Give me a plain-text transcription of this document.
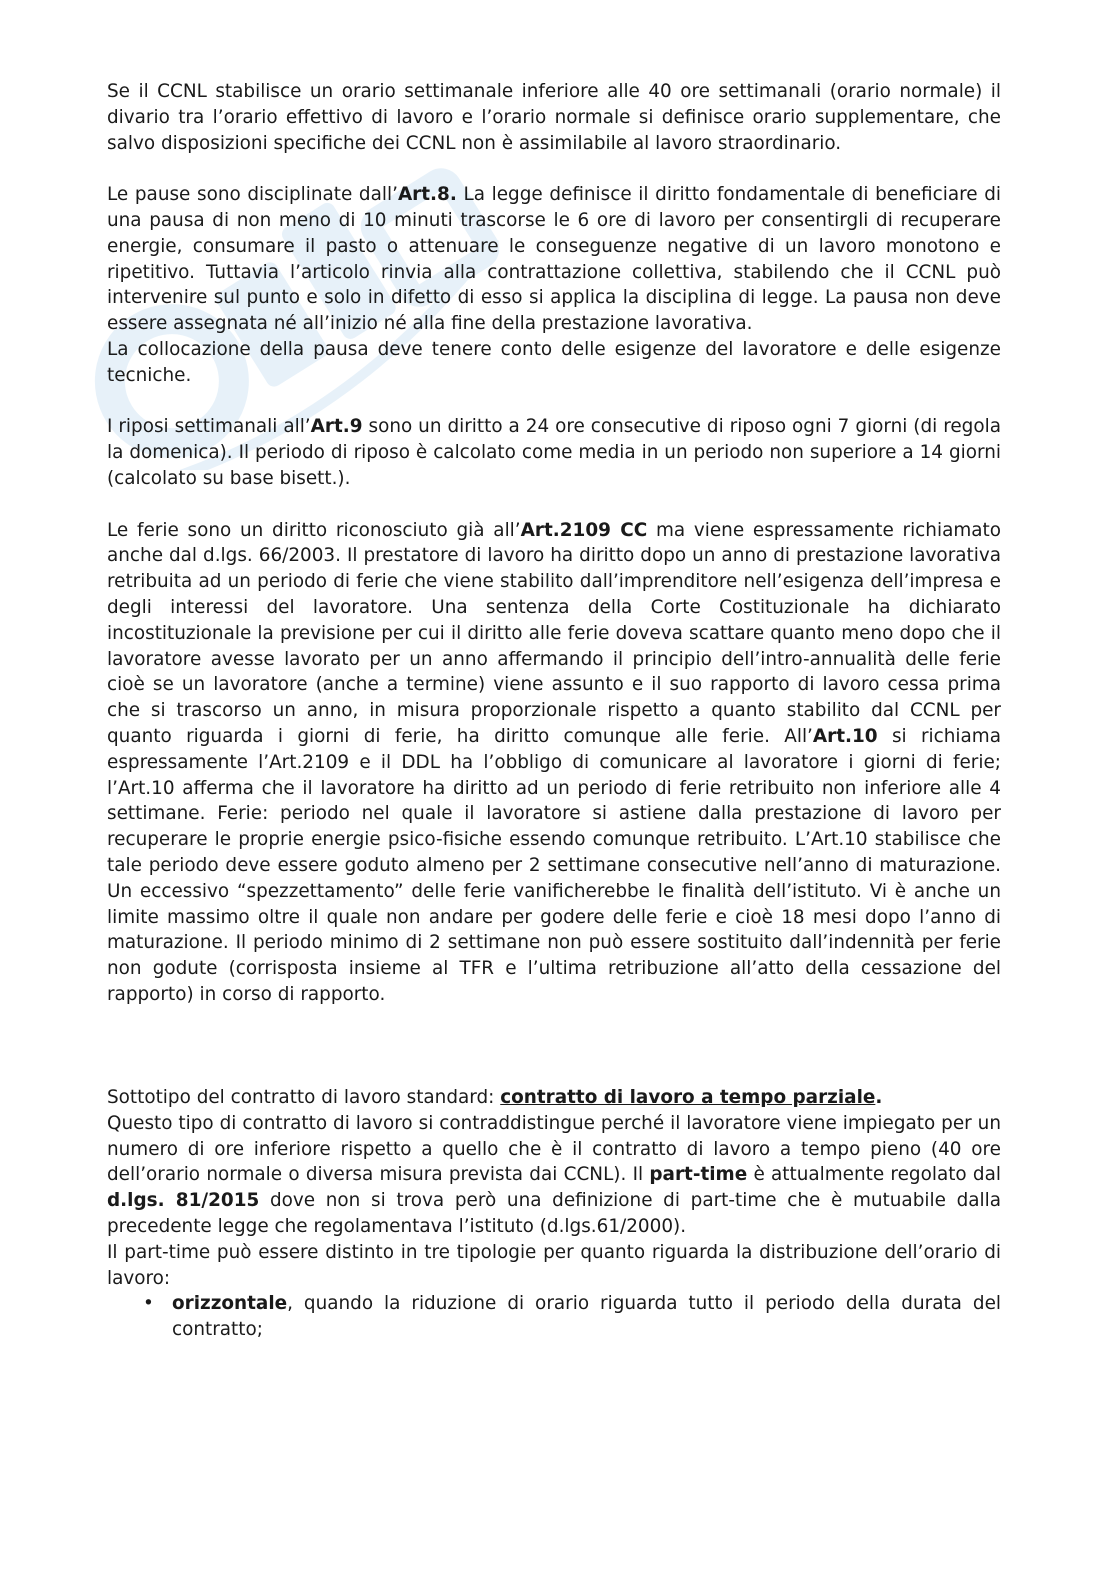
Se il CCNL stabilisce un orario settimanale inferiore alle 40 ore settimanali (orario normale) il divario tra l’orario effettivo di lavoro e l’orario normale si definisce orario supplementare, che salvo disposizioni specifiche dei CCNL non è assimilabile al lavoro straordinario.

Le pause sono disciplinate dall’Art.8. La legge definisce il diritto fondamentale di beneficiare di una pausa di non meno di 10 minuti trascorse le 6 ore di lavoro per consentirgli di recuperare energie, consumare il pasto o attenuare le conseguenze negative di un lavoro monotono e ripetitivo. Tuttavia l’articolo rinvia alla contrattazione collettiva, stabilendo che il CCNL può intervenire sul punto e solo in difetto di esso si applica la disciplina di legge. La pausa non deve essere assegnata né all’inizio né alla fine della prestazione lavorativa.

La collocazione della pausa deve tenere conto delle esigenze del lavoratore e delle esigenze tecniche.

I riposi settimanali all’Art.9 sono un diritto a 24 ore consecutive di riposo ogni 7 giorni (di regola la domenica). Il periodo di riposo è calcolato come media in un periodo non superiore a 14 giorni (calcolato su base bisett.).

Le ferie sono un diritto riconosciuto già all’Art.2109 CC ma viene espressamente richiamato anche dal d.lgs. 66/2003. Il prestatore di lavoro ha diritto dopo un anno di prestazione lavorativa retribuita ad un periodo di ferie che viene stabilito dall’imprenditore nell’esigenza dell’impresa e degli interessi del lavoratore. Una sentenza della Corte Costituzionale ha dichiarato incostituzionale la previsione per cui il diritto alle ferie doveva scattare quanto meno dopo che il lavoratore avesse lavorato per un anno affermando il principio dell’intro-annualità delle ferie cioè se un lavoratore (anche a termine) viene assunto e il suo rapporto di lavoro cessa prima che si trascorso un anno, in misura proporzionale rispetto a quanto stabilito dal CCNL per quanto riguarda i giorni di ferie, ha diritto comunque alle ferie. All’Art.10 si richiama espressamente l’Art.2109 e il DDL ha l’obbligo di comunicare al lavoratore i giorni di ferie; l’Art.10 afferma che il lavoratore ha diritto ad un periodo di ferie retribuito non inferiore alle 4 settimane. Ferie: periodo nel quale il lavoratore si astiene dalla prestazione di lavoro per recuperare le proprie energie psico-fisiche essendo comunque retribuito. L’Art.10 stabilisce che tale periodo deve essere goduto almeno per 2 settimane consecutive nell’anno di maturazione. Un eccessivo “spezzettamento” delle ferie vanificherebbe le finalità dell’istituto. Vi è anche un limite massimo oltre il quale non andare per godere delle ferie e cioè 18 mesi dopo l’anno di maturazione. Il periodo minimo di 2 settimane non può essere sostituito dall’indennità per ferie non godute (corrisposta insieme al TFR e l’ultima retribuzione all’atto della cessazione del rapporto) in corso di rapporto.

Sottotipo del contratto di lavoro standard: contratto di lavoro a tempo parziale.

Questo tipo di contratto di lavoro si contraddistingue perché il lavoratore viene impiegato per un numero di ore inferiore rispetto a quello che è il contratto di lavoro a tempo pieno (40 ore dell’orario normale o diversa misura prevista dai CCNL). Il part-time è attualmente regolato dal d.lgs. 81/2015 dove non si trova però una definizione di part-time che è mutuabile dalla precedente legge che regolamentava l’istituto (d.lgs.61/2000).

Il part-time può essere distinto in tre tipologie per quanto riguarda la distribuzione dell’orario di lavoro:

• orizzontale, quando la riduzione di orario riguarda tutto il periodo della durata del contratto;
